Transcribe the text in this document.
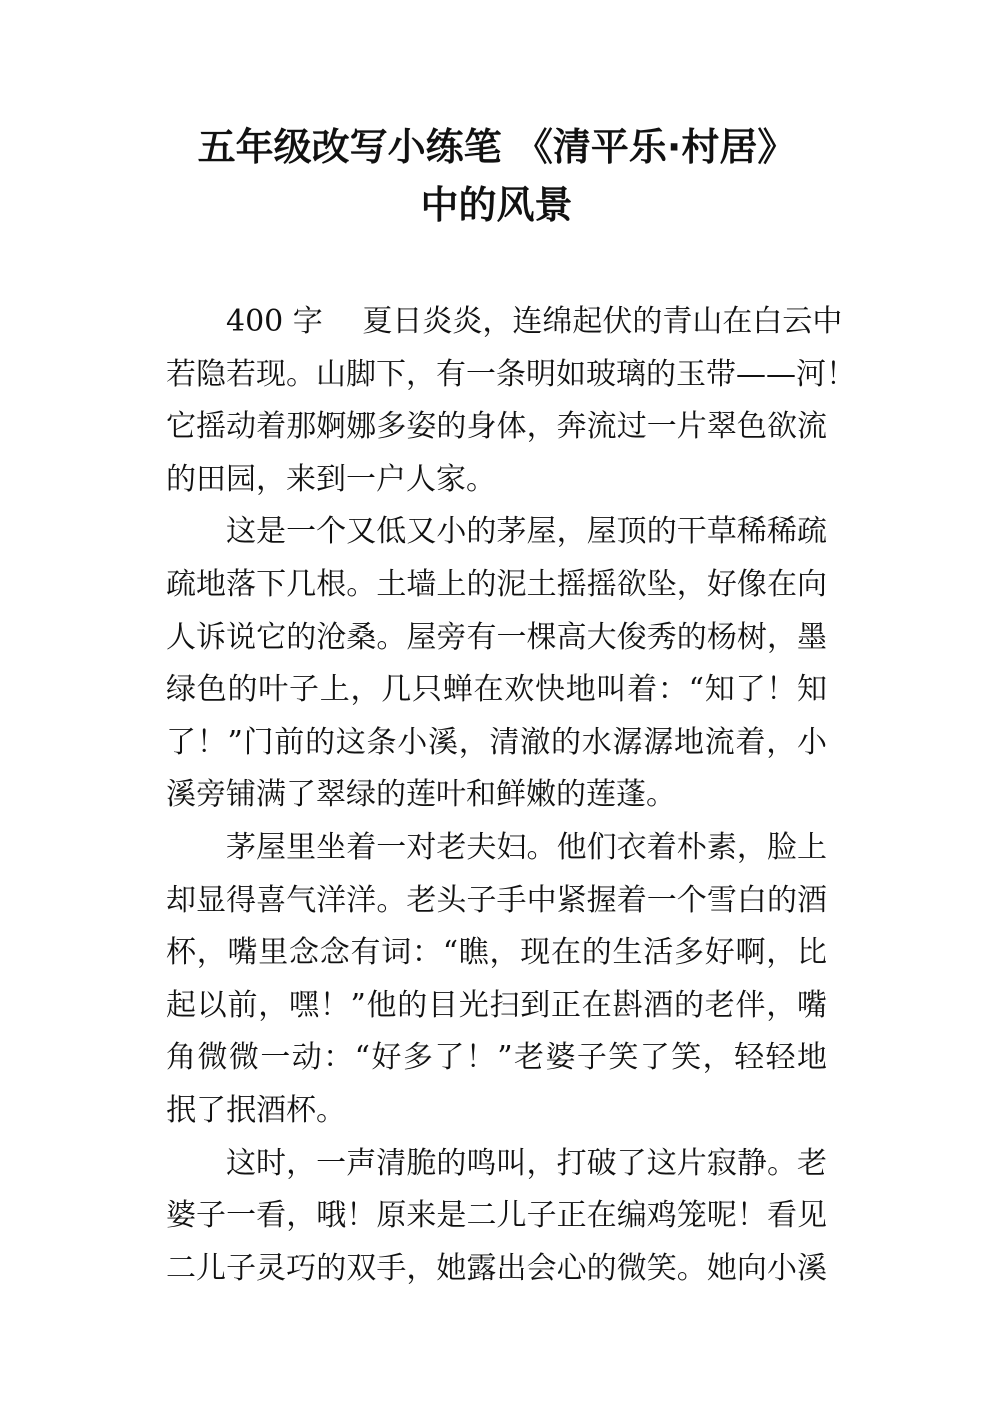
五年级改写小练笔 《清平乐·村居》
中的风景
400 字 　夏日炎炎，连绵起伏的青山在白云中
若隐若现。山脚下，有一条明如玻璃的玉带——河！
它摇动着那婀娜多姿的身体，奔流过一片翠色欲流
的田园，来到一户人家。
这是一个又低又小的茅屋，屋顶的干草稀稀疏
疏地落下几根。土墙上的泥土摇摇欲坠，好像在向
人诉说它的沧桑。屋旁有一棵高大俊秀的杨树，墨
绿色的叶子上，几只蝉在欢快地叫着：“知了！知
了！”门前的这条小溪，清澈的水潺潺地流着，小
溪旁铺满了翠绿的莲叶和鲜嫩的莲蓬。
茅屋里坐着一对老夫妇。他们衣着朴素，脸上
却显得喜气洋洋。老头子手中紧握着一个雪白的酒
杯，嘴里念念有词：“瞧，现在的生活多好啊，比
起以前，嘿！”他的目光扫到正在斟酒的老伴，嘴
角微微一动：“好多了！”老婆子笑了笑，轻轻地
抿了抿酒杯。
这时，一声清脆的鸣叫，打破了这片寂静。老
婆子一看，哦！原来是二儿子正在编鸡笼呢！看见
二儿子灵巧的双手，她露出会心的微笑。她向小溪
